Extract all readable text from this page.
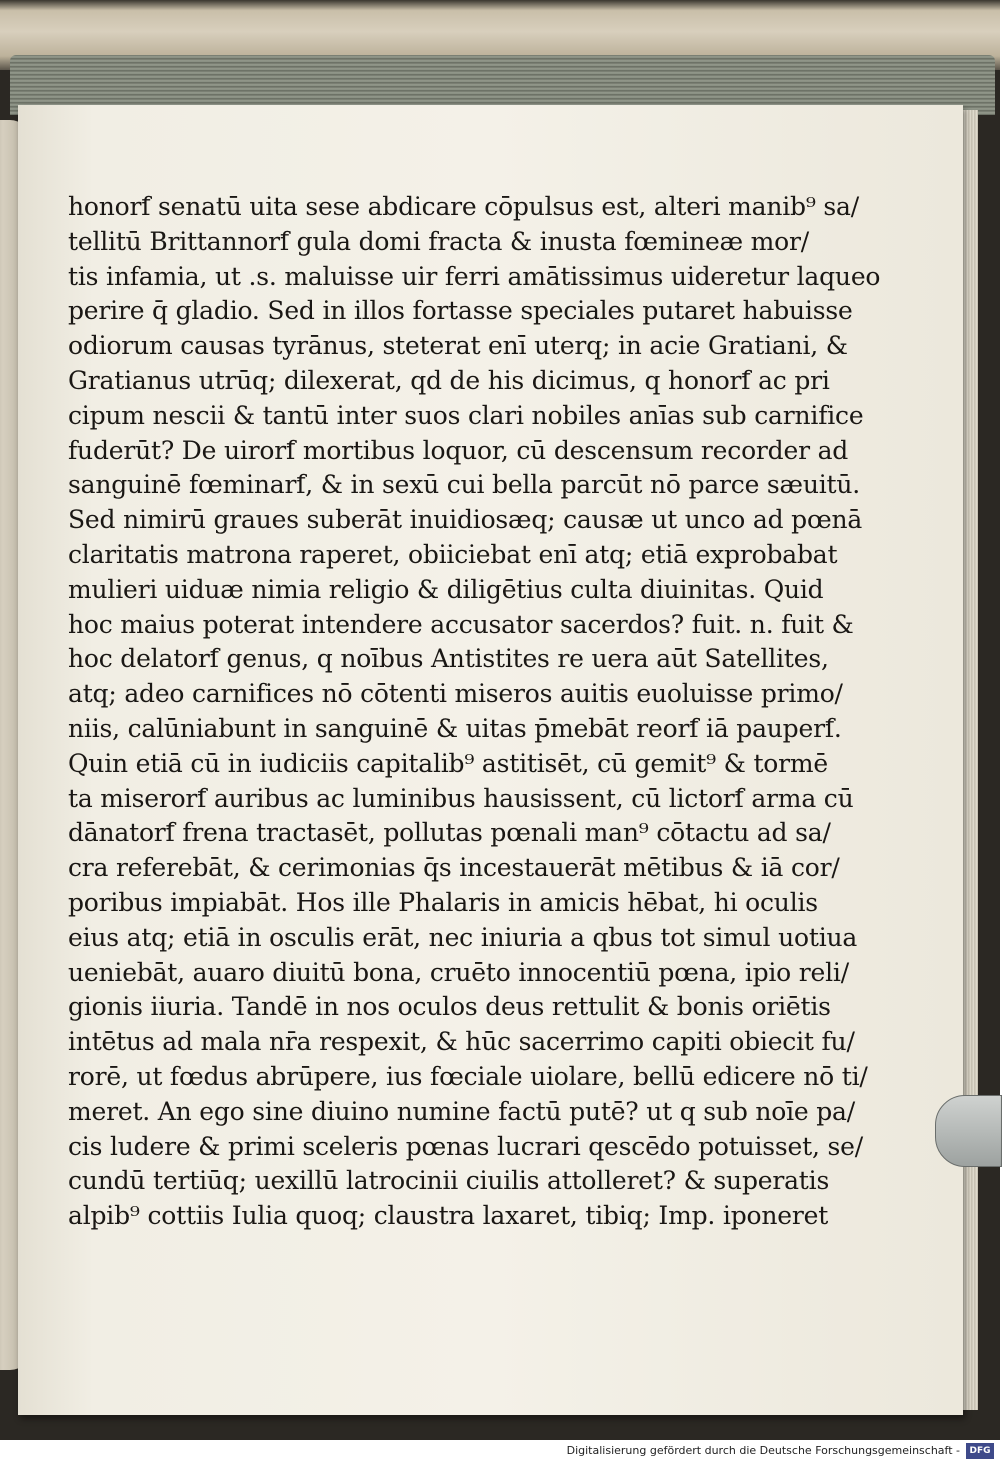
honorẝ senatū uita sese abdicare cōpulsus est, alteri manib⁹ sa/
tellitū Brittannorẝ gula domi fracta & inusta fœmineæ mor/
tis infamia, ut .s. maluisse uir ferri amātissimus uideretur laqueo
perire q̄ gladio. Sed in illos fortasse speciales putaret habuisse
odiorum causas tyrānus, steterat enī uterq; in acie Gratiani, &
Gratianus utrūq; dilexerat, qd de his dicimus, q honorẝ ac pri
cipum nescii & tantū inter suos clari nobiles anīas sub carnifice
fuderūt? De uirorẝ mortibus loquor, cū descensum recorder ad
sanguinē fœminarẝ, & in sexū cui bella parcūt nō parce sæuitū.
Sed nimirū graues suberāt inuidiosæq; causæ ut unco ad pœnā
claritatis matrona raperet, obiiciebat enī atq; etiā exprobabat
mulieri uiduæ nimia religio & diligētius culta diuinitas. Quid
hoc maius poterat intendere accusator sacerdos? fuit. n. fuit &
hoc delatorẝ genus, q noībus Antistites re uera aūt Satellites,
atq; adeo carnifices nō cōtenti miseros auitis euoluisse primo/
niis, calūniabunt in sanguinē & uitas p̄mebāt reorẝ iā pauperẝ.
Quin etiā cū in iudiciis capitalib⁹ astitisēt, cū gemit⁹ & tormē
ta miserorẝ auribus ac luminibus hausissent, cū lictorẝ arma cū
dānatorẝ frena tractasēt, pollutas pœnali man⁹ cōtactu ad sa/
cra referebāt, & cerimonias q̄s incestauerāt mētibus & iā cor/
poribus impiabāt. Hos ille Phalaris in amicis hēbat, hi oculis
eius atq; etiā in osculis erāt, nec iniuria a qbus tot simul uotiua
ueniebāt, auaro diuitū bona, cruēto innocentiū pœna, ipio reli/
gionis iiuria. Tandē in nos oculos deus rettulit & bonis oriētis
intētus ad mala nr̄a respexit, & hūc sacerrimo capiti obiecit fu/
rorē, ut fœdus abrūpere, ius fœciale uiolare, bellū edicere nō ti/
meret. An ego sine diuino numine factū putē? ut q sub noīe pa/
cis ludere & primi sceleris pœnas lucrari qescēdo potuisset, se/
cundū tertiūq; uexillū latrocinii ciuilis attolleret? & superatis
alpib⁹ cottiis Iulia quoq; claustra laxaret, tibiq; Imp. iponeret
Digitalisierung gefördert durch die Deutsche Forschungsgemeinschaft -	DFG
